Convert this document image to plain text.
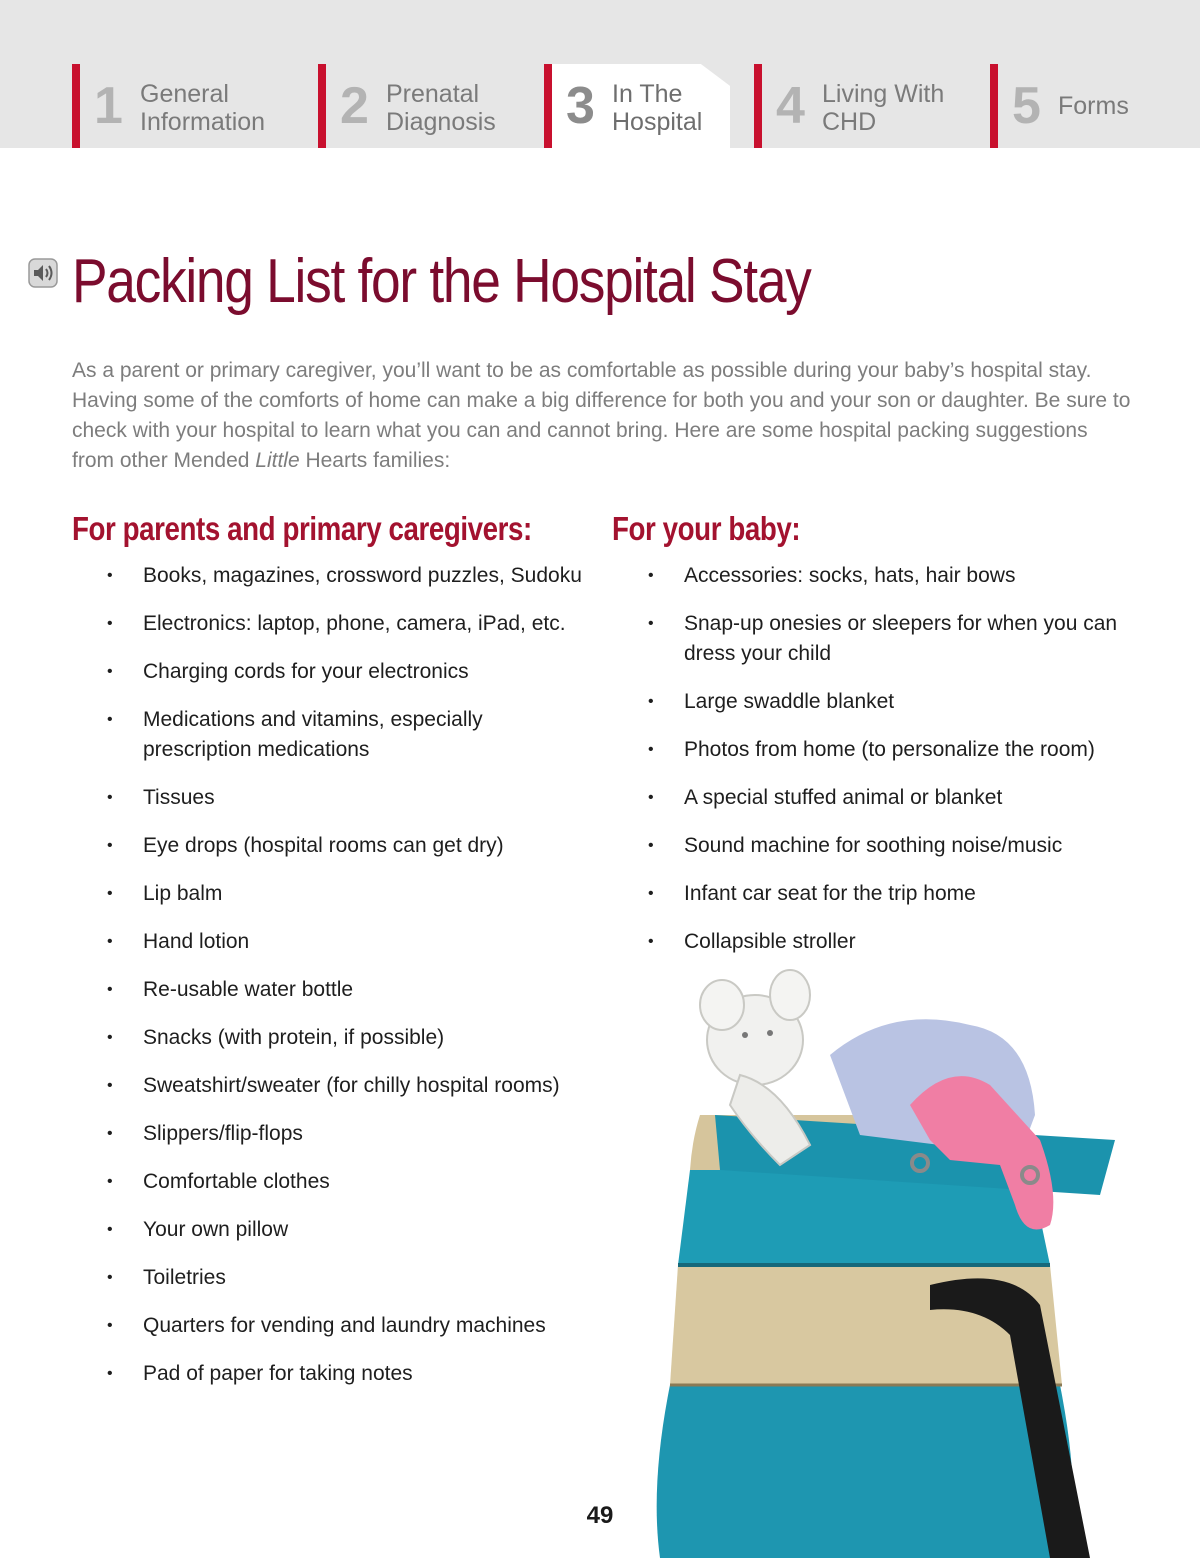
1 General
Information 2 Prenatal
Diagnosis 3 In The
Hospital 4 Living With
CHD	5 Forms
Packing List for the Hospital Stay

As a parent or primary caregiver, you’ll want to be as comfortable as possible during your baby’s hospital stay. Having some of the comforts of home can make a big difference for both you and your son or daughter. Be sure to check with your hospital to learn what you can and cannot bring. Here are some hospital packing suggestions from other Mended Little Hearts families:

For parents and primary caregivers:
• Books, magazines, crossword puzzles, Sudoku
• Electronics: laptop, phone, camera, iPad, etc.
• Charging cords for your electronics
• Medications and vitamins, especially prescription medications
• Tissues
• Eye drops (hospital rooms can get dry)
• Lip balm
• Hand lotion
• Re-usable water bottle
• Snacks (with protein, if possible)
• Sweatshirt/sweater (for chilly hospital rooms)
• Slippers/flip-flops
• Comfortable clothes
• Your own pillow
• Toiletries
• Quarters for vending and laundry machines
• Pad of paper for taking notes
For your baby:
• Accessories: socks, hats, hair bows
• Snap-up onesies or sleepers for when you can dress your child
• Large swaddle blanket
• Photos from home (to personalize the room)
• A special stuffed animal or blanket
• Sound machine for soothing noise/music
• Infant car seat for the trip home
• Collapsible stroller
49
